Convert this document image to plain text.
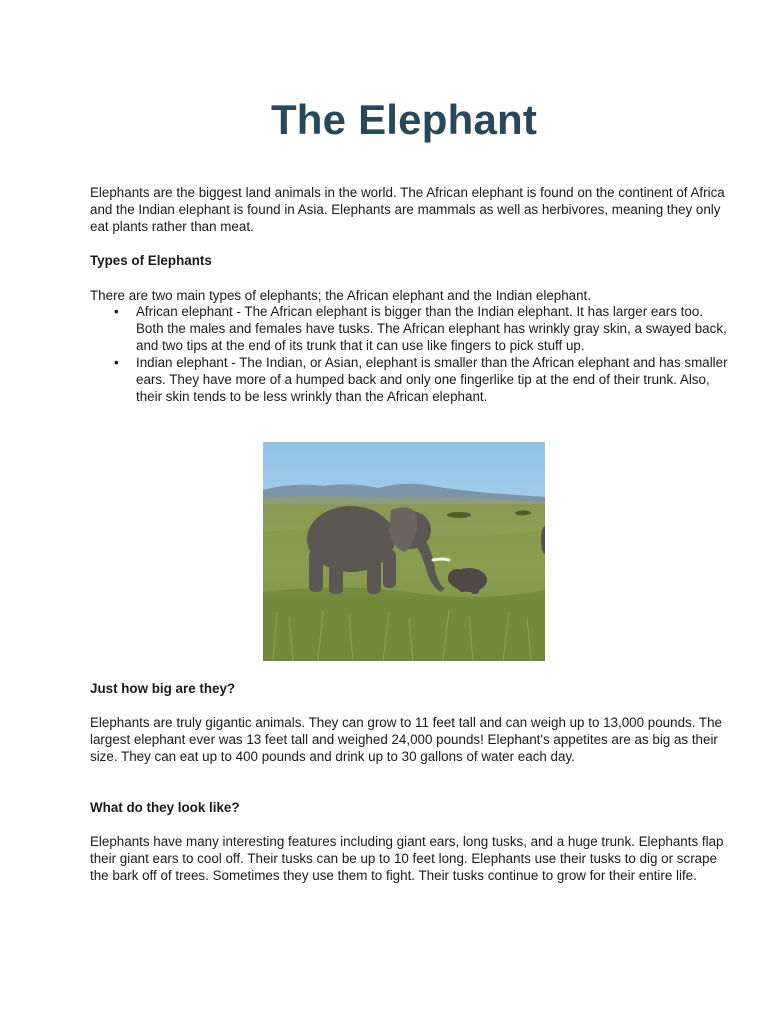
The Elephant

Elephants are the biggest land animals in the world. The African elephant is found on the continent of Africa and the Indian elephant is found in Asia. Elephants are mammals as well as herbivores, meaning they only eat plants rather than meat.

Types of Elephants

There are two main types of elephants; the African elephant and the Indian elephant.

• African elephant - The African elephant is bigger than the Indian elephant. It has larger ears too. Both the males and females have tusks. The African elephant has wrinkly gray skin, a swayed back, and two tips at the end of its trunk that it can use like fingers to pick stuff up.
• Indian elephant - The Indian, or Asian, elephant is smaller than the African elephant and has smaller ears. They have more of a humped back and only one fingerlike tip at the end of their trunk. Also, their skin tends to be less wrinkly than the African elephant.

Just how big are they?

Elephants are truly gigantic animals. They can grow to 11 feet tall and can weigh up to 13,000 pounds. The largest elephant ever was 13 feet tall and weighed 24,000 pounds! Elephant's appetites are as big as their size. They can eat up to 400 pounds and drink up to 30 gallons of water each day.

What do they look like?

Elephants have many interesting features including giant ears, long tusks, and a huge trunk. Elephants flap their giant ears to cool off. Their tusks can be up to 10 feet long. Elephants use their tusks to dig or scrape the bark off of trees. Sometimes they use them to fight. Their tusks continue to grow for their entire life.
